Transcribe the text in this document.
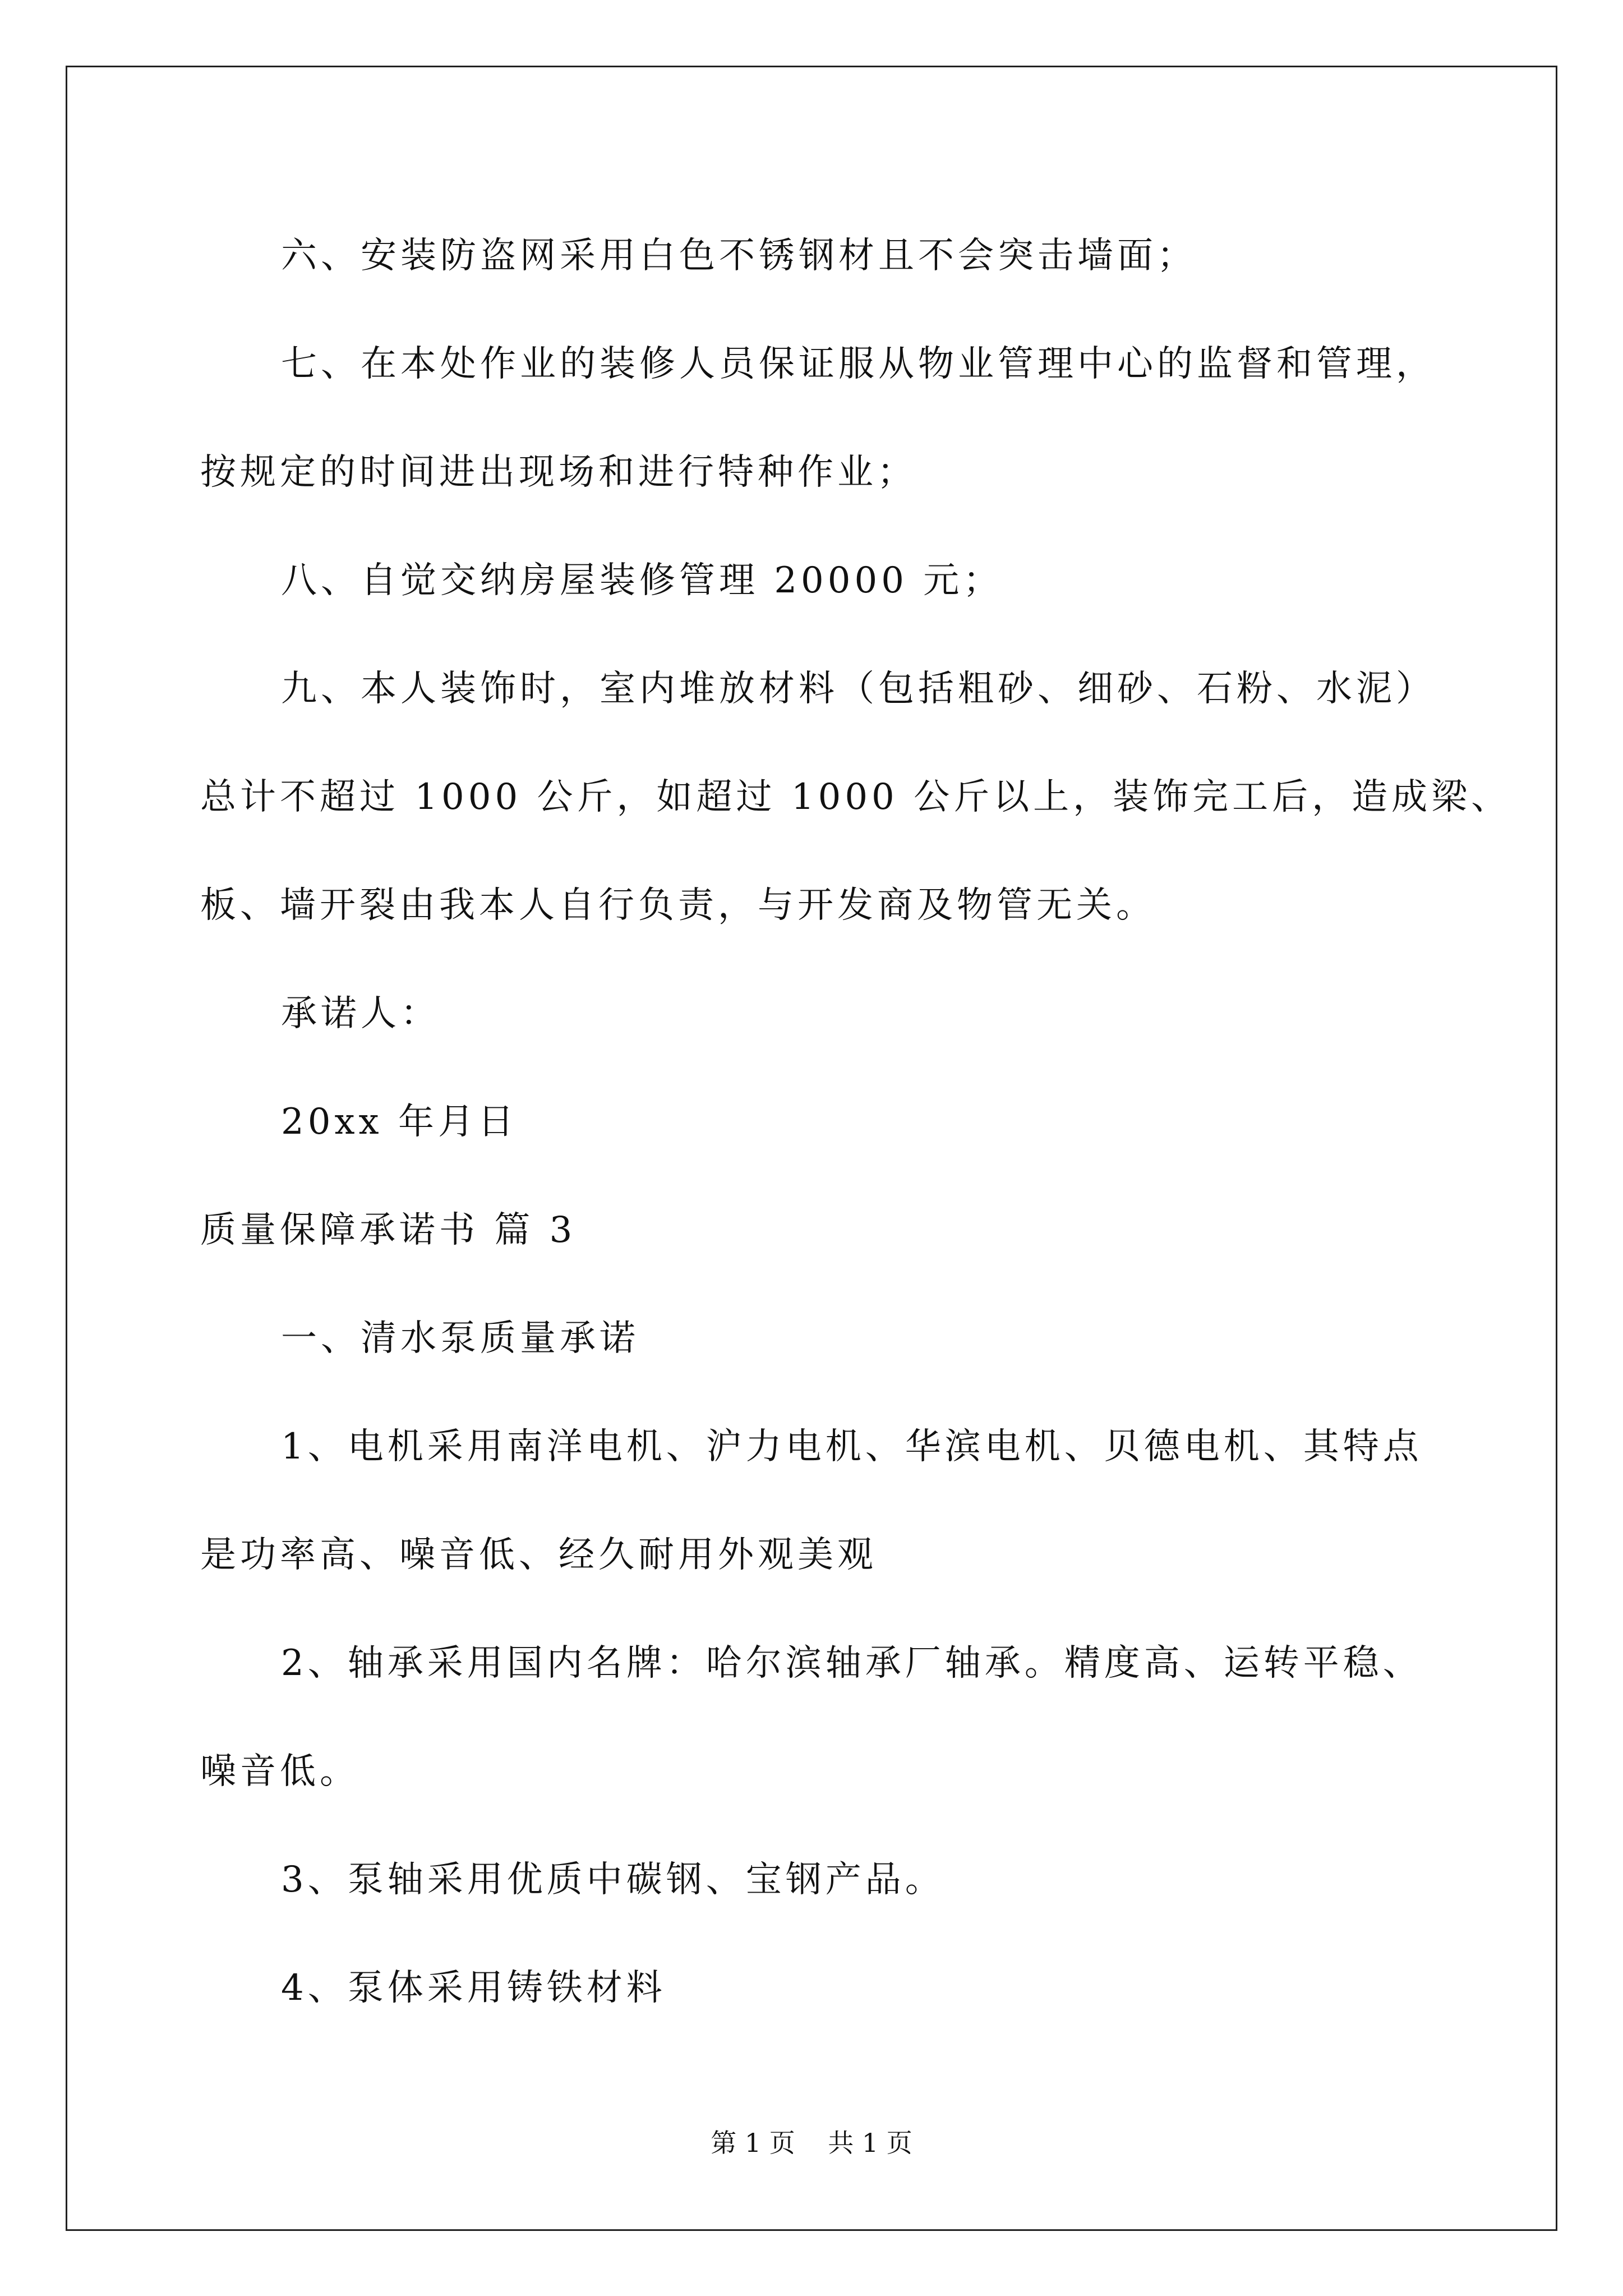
六、安装防盗网采用白色不锈钢材且不会突击墙面；

七、在本处作业的装修人员保证服从物业管理中心的监督和管理，
按规定的时间进出现场和进行特种作业；

八、自觉交纳房屋装修管理 20000 元；

九、本人装饰时，室内堆放材料（包括粗砂、细砂、石粉、水泥）
总计不超过 1000 公斤，如超过 1000 公斤以上，装饰完工后，造成梁、
板、墙开裂由我本人自行负责，与开发商及物管无关。

承诺人：

20xx 年月日

质量保障承诺书 篇 3

一、清水泵质量承诺

1、电机采用南洋电机、沪力电机、华滨电机、贝德电机、其特点
是功率高、噪音低、经久耐用外观美观

2、轴承采用国内名牌：哈尔滨轴承厂轴承。精度高、运转平稳、
噪音低。

3、泵轴采用优质中碳钢、宝钢产品。

4、泵体采用铸铁材料

第 1 页    共 1 页
